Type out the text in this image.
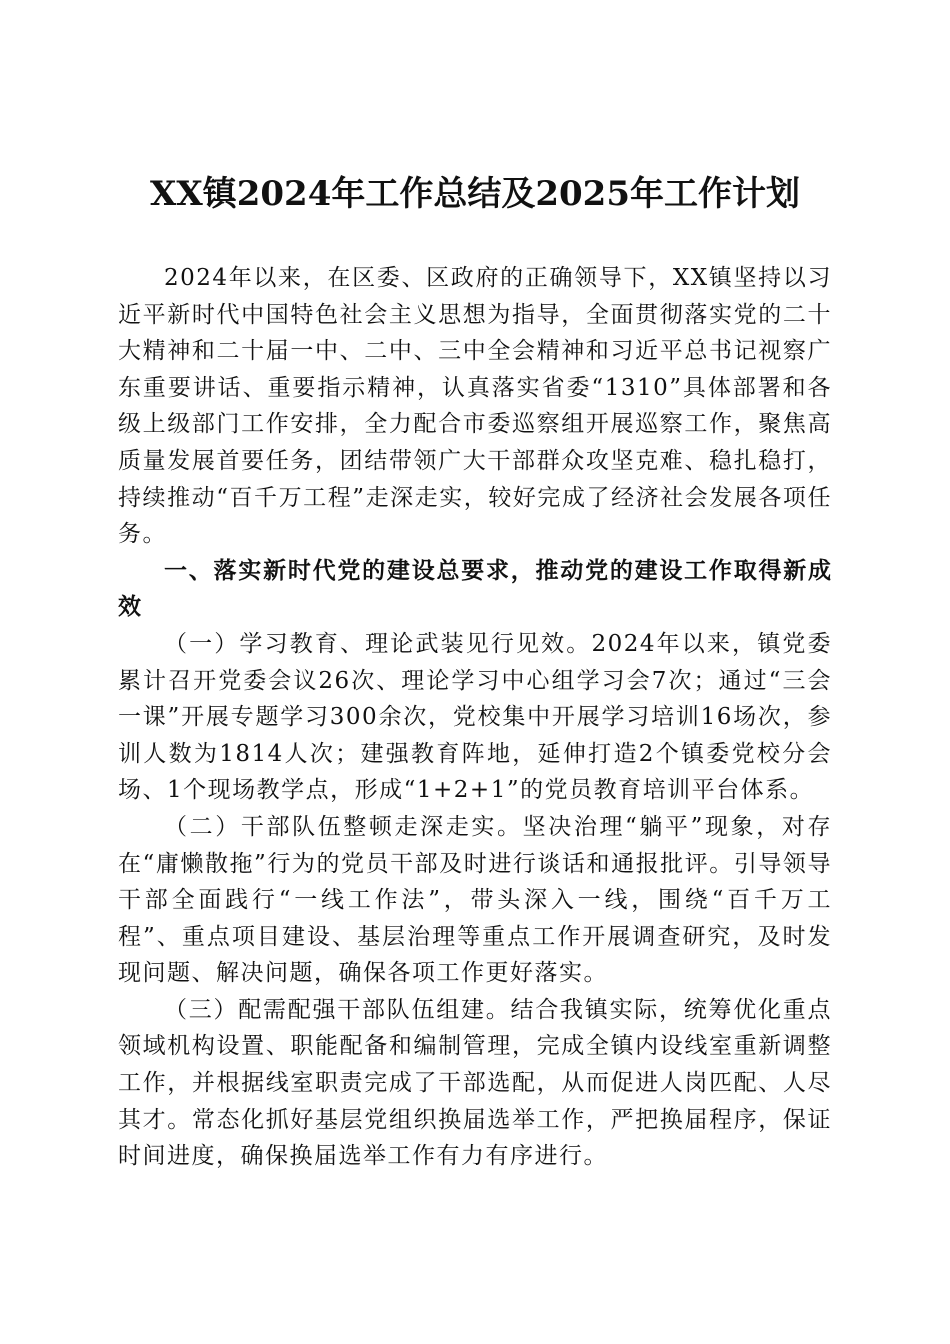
XX镇2024年工作总结及2025年工作计划

2024年以来，在区委、区政府的正确领导下，XX镇坚持以习近平新时代中国特色社会主义思想为指导，全面贯彻落实党的二十大精神和二十届一中、二中、三中全会精神和习近平总书记视察广东重要讲话、重要指示精神，认真落实省委“1310”具体部署和各级上级部门工作安排，全力配合市委巡察组开展巡察工作，聚焦高质量发展首要任务，团结带领广大干部群众攻坚克难、稳扎稳打，持续推动“百千万工程”走深走实，较好完成了经济社会发展各项任务。

一、落实新时代党的建设总要求，推动党的建设工作取得新成效

（一）学习教育、理论武装见行见效。2024年以来，镇党委累计召开党委会议26次、理论学习中心组学习会7次；通过“三会一课”开展专题学习300余次，党校集中开展学习培训16场次，参训人数为1814人次；建强教育阵地，延伸打造2个镇委党校分会场、1个现场教学点，形成“1+2+1”的党员教育培训平台体系。

（二）干部队伍整顿走深走实。坚决治理“躺平”现象，对存在“庸懒散拖”行为的党员干部及时进行谈话和通报批评。引导领导干部全面践行“一线工作法”，带头深入一线，围绕“百千万工程”、重点项目建设、基层治理等重点工作开展调查研究，及时发现问题、解决问题，确保各项工作更好落实。

（三）配需配强干部队伍组建。结合我镇实际，统筹优化重点领域机构设置、职能配备和编制管理，完成全镇内设线室重新调整工作，并根据线室职责完成了干部选配，从而促进人岗匹配、人尽其才。常态化抓好基层党组织换届选举工作，严把换届程序，保证时间进度，确保换届选举工作有力有序进行。
